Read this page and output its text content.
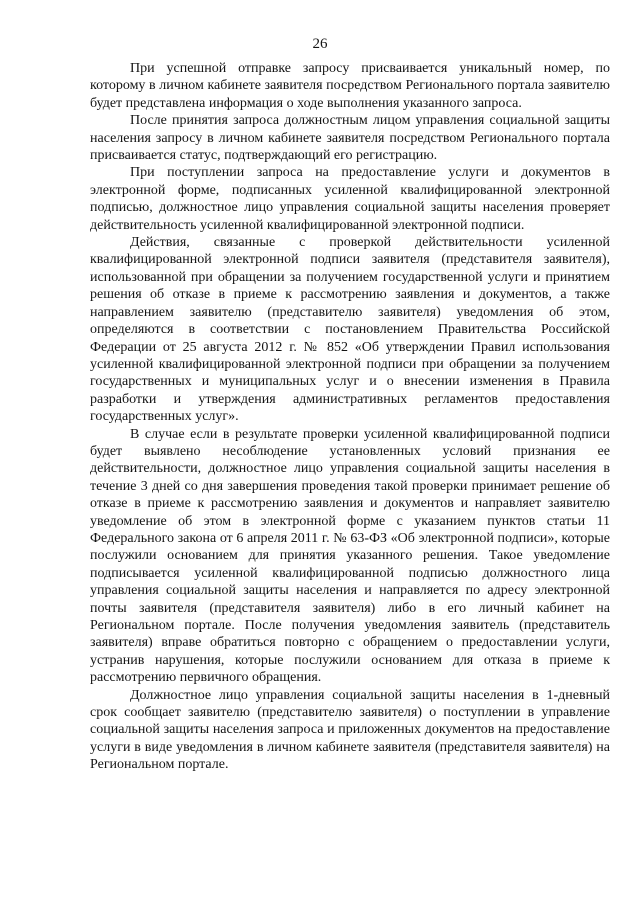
26

При успешной отправке запросу присваивается уникальный номер, по которому в личном кабинете заявителя посредством Регионального портала заявителю будет представлена информация о ходе выполнения указанного запроса.

После принятия запроса должностным лицом управления социальной защиты населения запросу в личном кабинете заявителя посредством Регионального портала присваивается статус, подтверждающий его регистрацию.

При поступлении запроса на предоставление услуги и документов в электронной форме, подписанных усиленной квалифицированной электронной подписью, должностное лицо управления социальной защиты населения проверяет действительность усиленной квалифицированной электронной подписи.

Действия, связанные с проверкой действительности усиленной квалифицированной электронной подписи заявителя (представителя заявителя), использованной при обращении за получением государственной услуги и принятием решения об отказе в приеме к рассмотрению заявления и документов, а также направлением заявителю (представителю заявителя) уведомления об этом, определяются в соответствии с постановлением Правительства Российской Федерации от 25 августа 2012 г. № 852 «Об утверждении Правил использования усиленной квалифицированной электронной подписи при обращении за получением государственных и муниципальных услуг и о внесении изменения в Правила разработки и утверждения административных регламентов предоставления государственных услуг».

В случае если в результате проверки усиленной квалифицированной подписи будет выявлено несоблюдение установленных условий признания ее действительности, должностное лицо управления социальной защиты населения в течение 3 дней со дня завершения проведения такой проверки принимает решение об отказе в приеме к рассмотрению заявления и документов и направляет заявителю уведомление об этом в электронной форме с указанием пунктов статьи 11 Федерального закона от 6 апреля 2011 г. № 63-ФЗ «Об электронной подписи», которые послужили основанием для принятия указанного решения. Такое уведомление подписывается усиленной квалифицированной подписью должностного лица управления социальной защиты населения и направляется по адресу электронной почты заявителя (представителя заявителя) либо в его личный кабинет на Региональном портале. После получения уведомления заявитель (представитель заявителя) вправе обратиться повторно с обращением о предоставлении услуги, устранив нарушения, которые послужили основанием для отказа в приеме к рассмотрению первичного обращения.

Должностное лицо управления социальной защиты населения в 1-дневный срок сообщает заявителю (представителю заявителя) о поступлении в управление социальной защиты населения запроса и приложенных документов на предоставление услуги в виде уведомления в личном кабинете заявителя (представителя заявителя) на Региональном портале.
